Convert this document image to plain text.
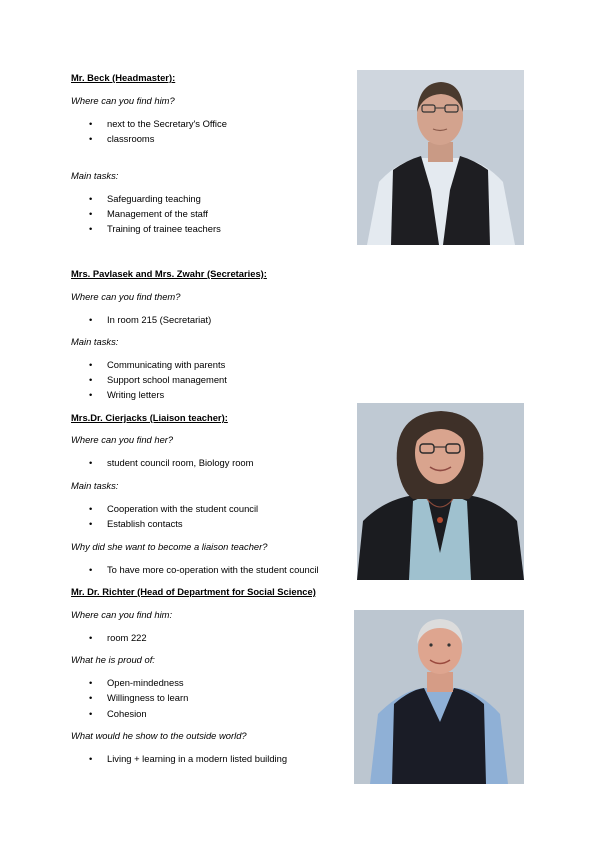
Mr. Beck (Headmaster):
Where can you find him?
•	next to the Secretary's Office
•	classrooms
Main tasks:
•	Safeguarding teaching
•	Management of the staff
•	Training of trainee teachers
Mrs. Pavlasek and Mrs. Zwahr (Secretaries):
Where can you find them?
•	In room 215 (Secretariat)
Main tasks:
•	Communicating with parents
•	Support school management
•	Writing letters
Mrs.Dr. Cierjacks (Liaison teacher):
Where can you find her?
•	student council room, Biology room
Main tasks:
•	Cooperation with the student council
•	Establish contacts
Why did she want to become a liaison teacher?
•	To have more co-operation with the student council
Mr. Dr. Richter (Head of Department for Social Science)
Where can you find him:
•	room 222
What he is proud of:
•	Open-mindedness
•	Willingness to learn
•	Cohesion
What would he show to the outside world?
•	Living + learning in a modern listed building
